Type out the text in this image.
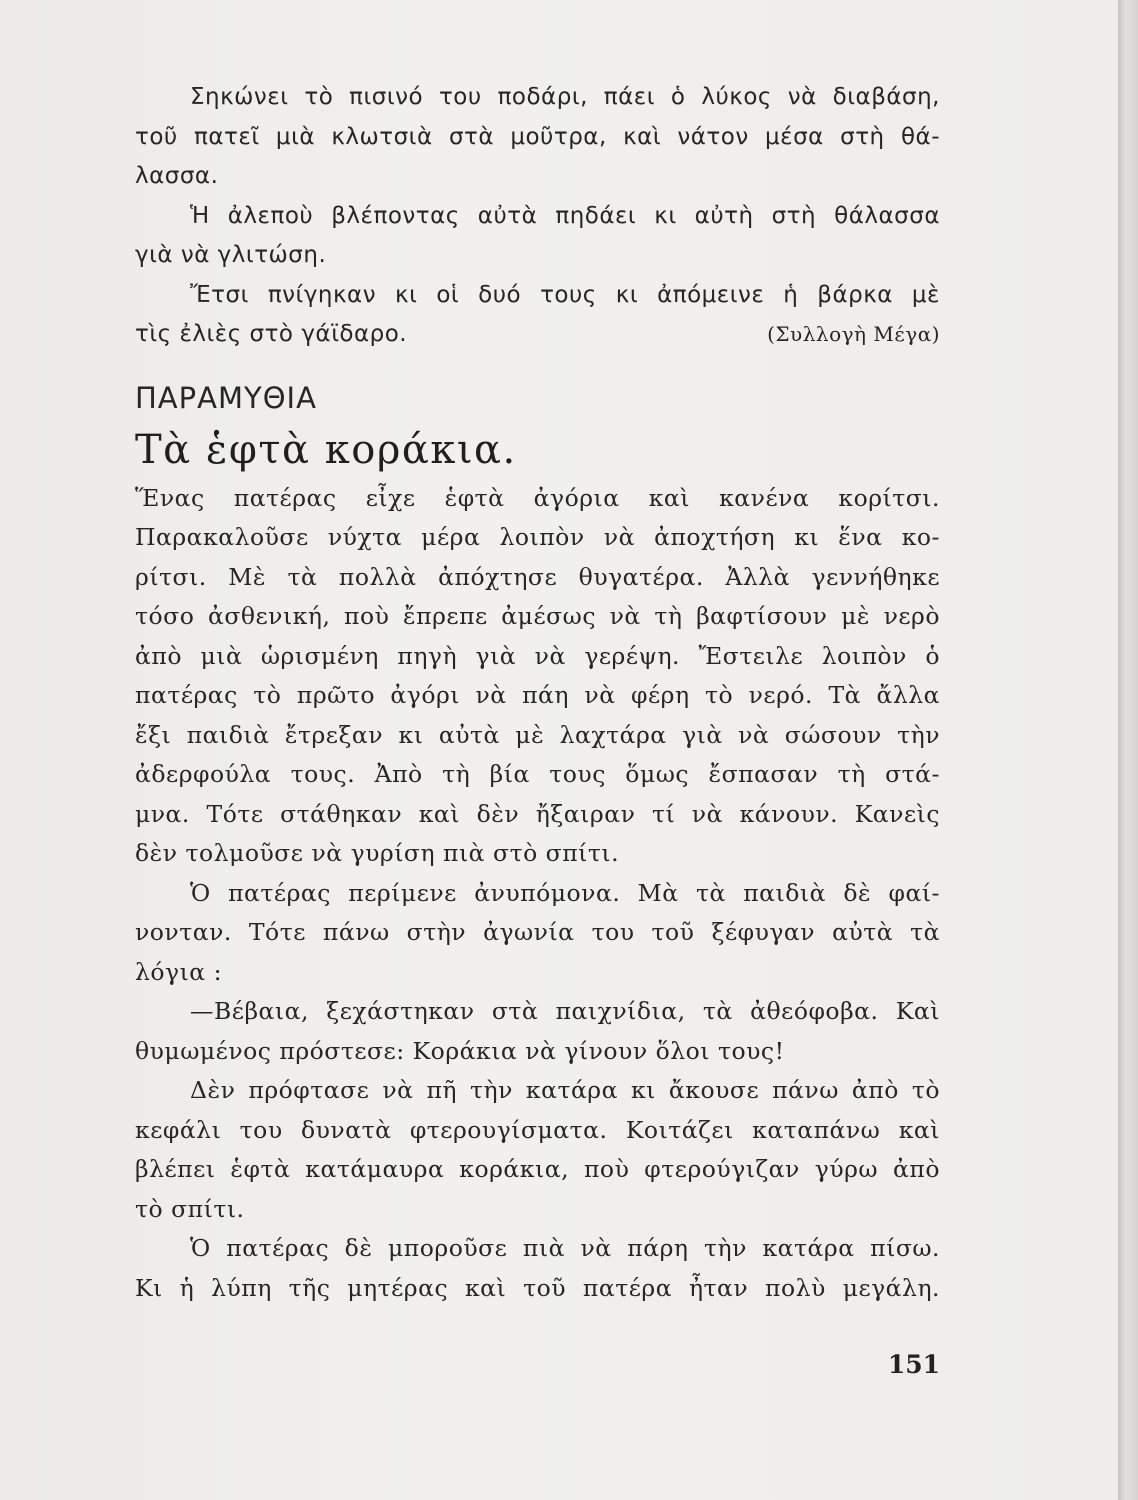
Σηκώνει τὸ πισινό του ποδάρι, πάει ὁ λύκος νὰ διαβάση,
τοῦ πατεῖ μιὰ κλωτσιὰ στὰ μοῦτρα, καὶ νάτον μέσα στὴ θά-
λασσα.
Ἡ ἀλεποὺ βλέποντας αὐτὰ πηδάει κι αὐτὴ στὴ θάλασσα
γιὰ νὰ γλιτώση.
Ἔτσι πνίγηκαν κι οἱ δυό τους κι ἀπόμεινε ἡ βάρκα μὲ
τὶς ἐλιὲς στὸ γάϊδαρο.	(Συλλογὴ Μέγα)
ΠΑΡΑΜΥΘΙΑ
Τὰ ἑφτὰ κοράκια.
Ἕνας πατέρας εἶχε ἑφτὰ ἀγόρια καὶ κανένα κορίτσι.
Παρακαλοῦσε νύχτα μέρα λοιπὸν νὰ ἀποχτήση κι ἕνα κο-
ρίτσι. Μὲ τὰ πολλὰ ἀπόχτησε θυγατέρα. Ἀλλὰ γεννήθηκε
τόσο ἀσθενική, ποὺ ἔπρεπε ἀμέσως νὰ τὴ βαφτίσουν μὲ νερὸ
ἀπὸ μιὰ ὡρισμένη πηγὴ γιὰ νὰ γερέψη. Ἔστειλε λοιπὸν ὁ
πατέρας τὸ πρῶτο ἀγόρι νὰ πάη νὰ φέρη τὸ νερό. Τὰ ἄλλα
ἔξι παιδιὰ ἔτρεξαν κι αὐτὰ μὲ λαχτάρα γιὰ νὰ σώσουν τὴν
ἀδερφούλα τους. Ἀπὸ τὴ βία τους ὅμως ἔσπασαν τὴ στά-
μνα. Τότε στάθηκαν καὶ δὲν ἤξαιραν τί νὰ κάνουν. Κανεὶς
δὲν τολμοῦσε νὰ γυρίση πιὰ στὸ σπίτι.
Ὁ πατέρας περίμενε ἀνυπόμονα. Μὰ τὰ παιδιὰ δὲ φαί-
νονταν. Τότε πάνω στὴν ἀγωνία του τοῦ ξέφυγαν αὐτὰ τὰ
λόγια :
—Βέβαια, ξεχάστηκαν στὰ παιχνίδια, τὰ ἀθεόφοβα. Καὶ
θυμωμένος πρόστεσε: Κοράκια νὰ γίνουν ὅλοι τους!
Δὲν πρόφτασε νὰ πῆ τὴν κατάρα κι ἄκουσε πάνω ἀπὸ τὸ
κεφάλι του δυνατὰ φτερουγίσματα. Κοιτάζει καταπάνω καὶ
βλέπει ἑφτὰ κατάμαυρα κοράκια, ποὺ φτερούγιζαν γύρω ἀπὸ
τὸ σπίτι.
Ὁ πατέρας δὲ μποροῦσε πιὰ νὰ πάρη τὴν κατάρα πίσω.
Κι ἡ λύπη τῆς μητέρας καὶ τοῦ πατέρα ἦταν πολὺ μεγάλη.
151
